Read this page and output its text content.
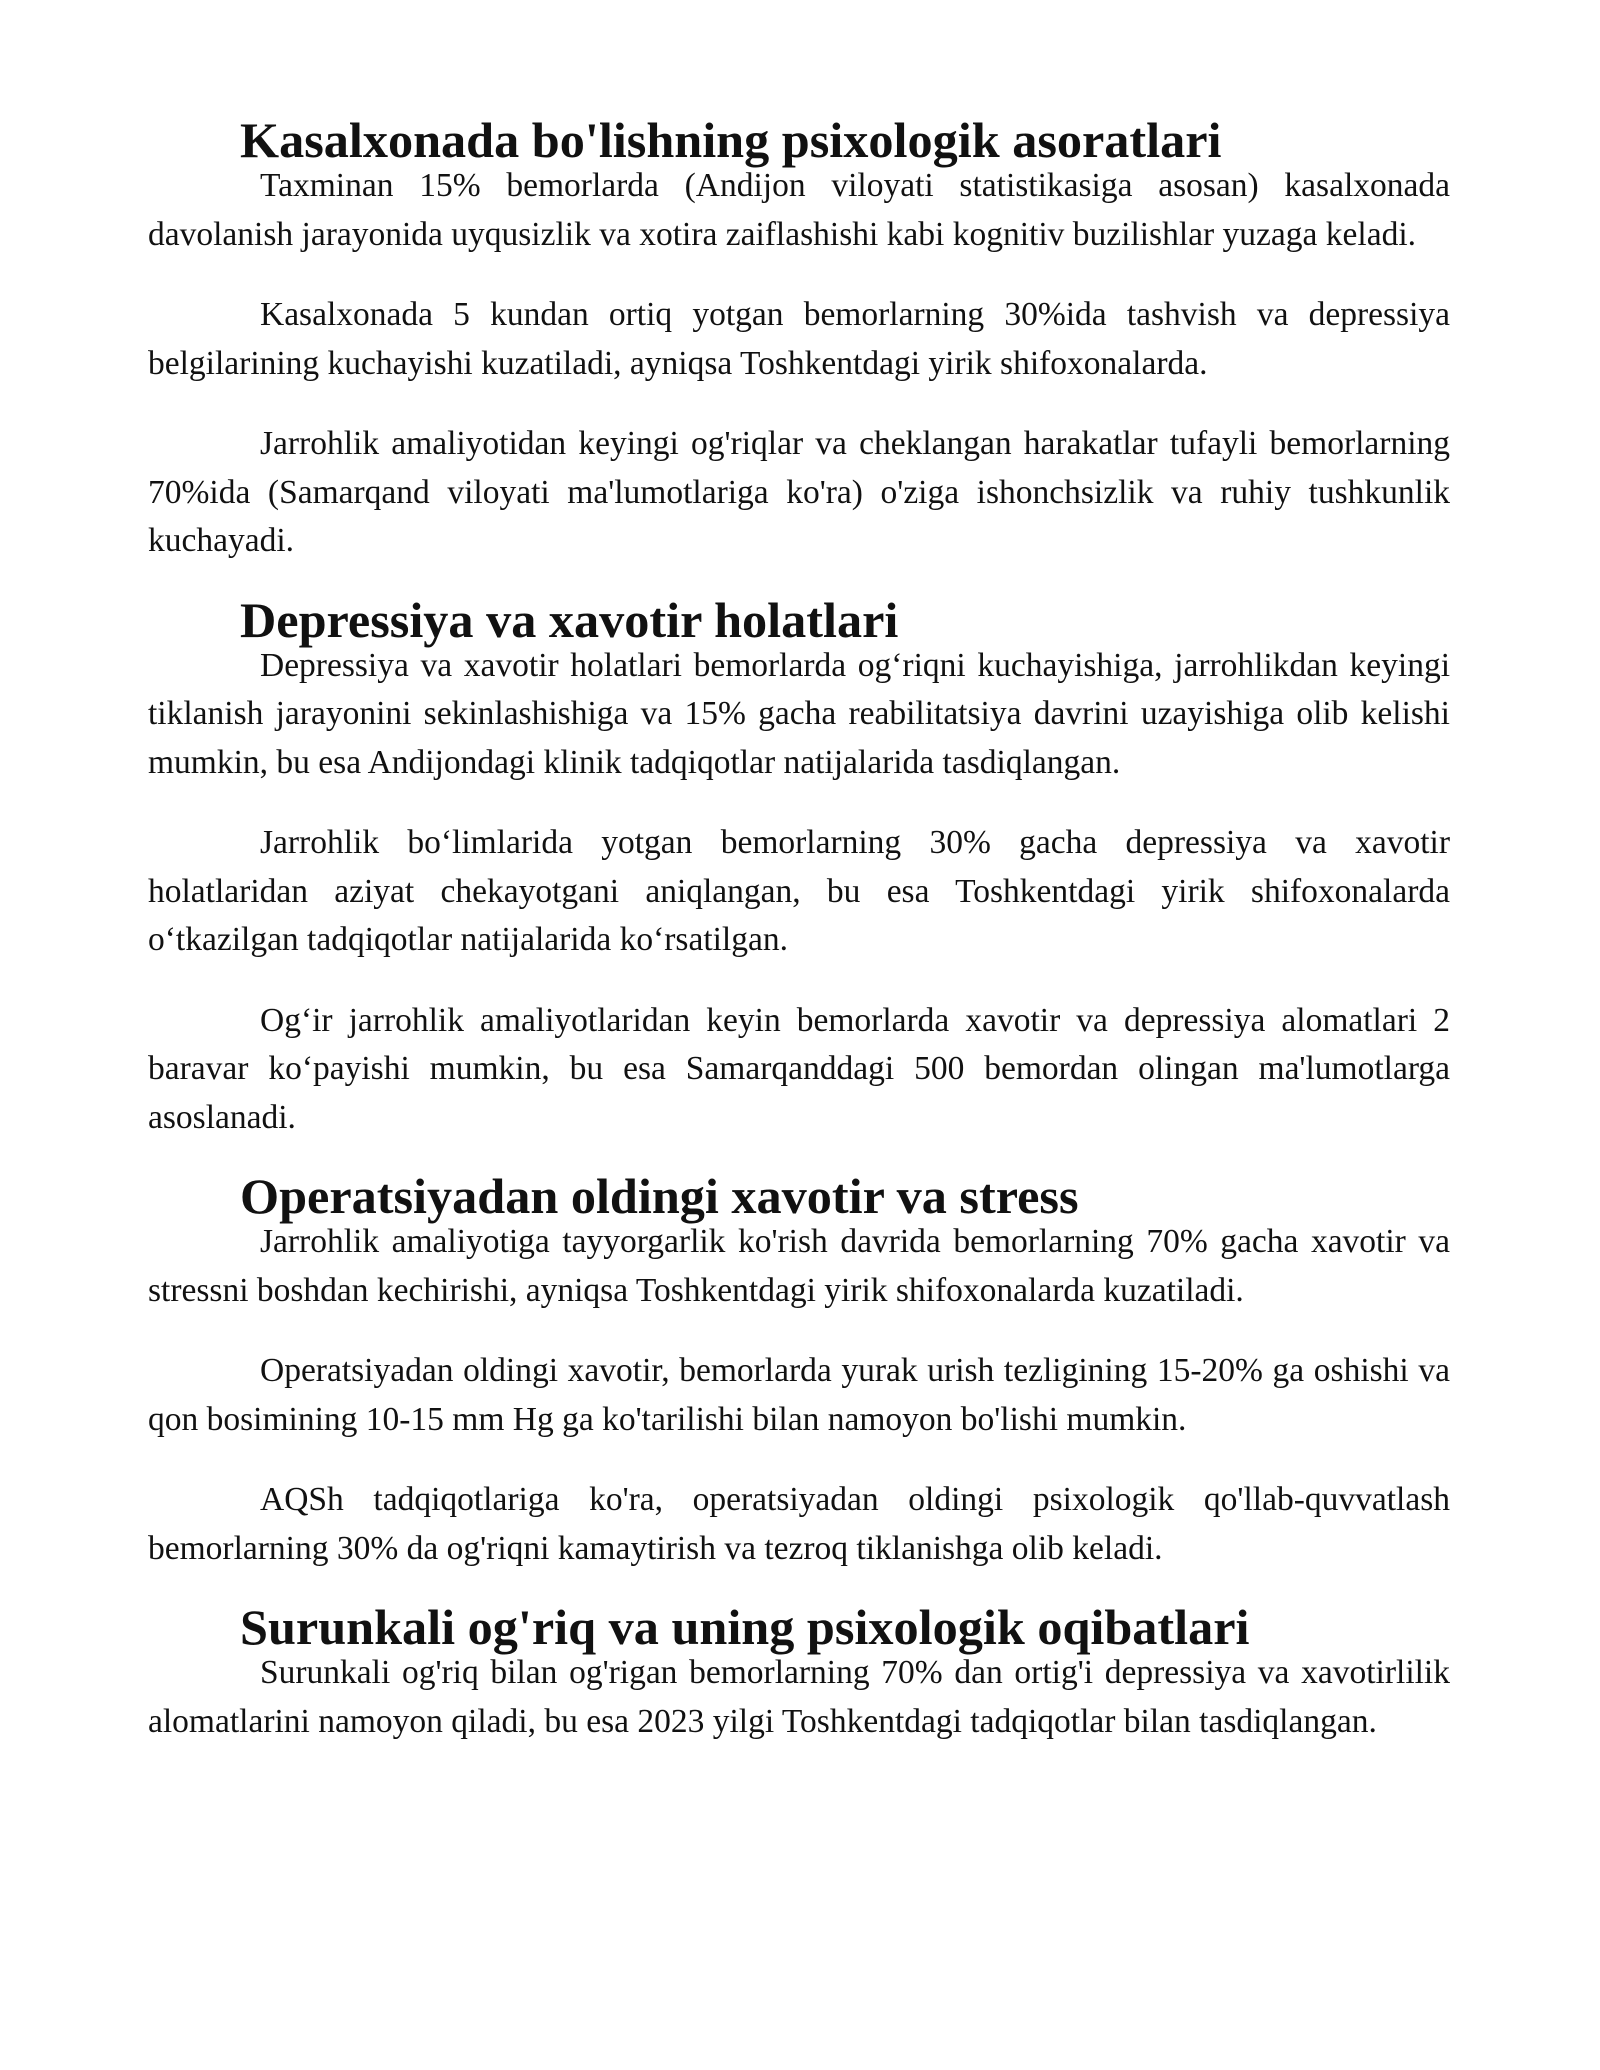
Kasalxonada bo'lishning psixologik asoratlari

Taxminan 15% bemorlarda (Andijon viloyati statistikasiga asosan) kasalxonada davolanish jarayonida uyqusizlik va xotira zaiflashishi kabi kognitiv buzilishlar yuzaga keladi.

Kasalxonada 5 kundan ortiq yotgan bemorlarning 30%ida tashvish va depressiya belgilarining kuchayishi kuzatiladi, ayniqsa Toshkentdagi yirik shifoxonalarda.

Jarrohlik amaliyotidan keyingi og'riqlar va cheklangan harakatlar tufayli bemorlarning 70%ida (Samarqand viloyati ma'lumotlariga ko'ra) o'ziga ishonchsizlik va ruhiy tushkunlik kuchayadi.

Depressiya va xavotir holatlari

Depressiya va xavotir holatlari bemorlarda og‘riqni kuchayishiga, jarrohlikdan keyingi tiklanish jarayonini sekinlashishiga va 15% gacha reabilitatsiya davrini uzayishiga olib kelishi mumkin, bu esa Andijondagi klinik tadqiqotlar natijalarida tasdiqlangan.

Jarrohlik bo‘limlarida yotgan bemorlarning 30% gacha depressiya va xavotir holatlaridan aziyat chekayotgani aniqlangan, bu esa Toshkentdagi yirik shifoxonalarda o‘tkazilgan tadqiqotlar natijalarida ko‘rsatilgan.

Og‘ir jarrohlik amaliyotlaridan keyin bemorlarda xavotir va depressiya alomatlari 2 baravar ko‘payishi mumkin, bu esa Samarqanddagi 500 bemordan olingan ma'lumotlarga asoslanadi.

Operatsiyadan oldingi xavotir va stress

Jarrohlik amaliyotiga tayyorgarlik ko'rish davrida bemorlarning 70% gacha xavotir va stressni boshdan kechirishi, ayniqsa Toshkentdagi yirik shifoxonalarda kuzatiladi.

Operatsiyadan oldingi xavotir, bemorlarda yurak urish tezligining 15-20% ga oshishi va qon bosimining 10-15 mm Hg ga ko'tarilishi bilan namoyon bo'lishi mumkin.

AQSh tadqiqotlariga ko'ra, operatsiyadan oldingi psixologik qo'llab-quvvatlash bemorlarning 30% da og'riqni kamaytirish va tezroq tiklanishga olib keladi.

Surunkali og'riq va uning psixologik oqibatlari

Surunkali og'riq bilan og'rigan bemorlarning 70% dan ortig'i depressiya va xavotirlilik alomatlarini namoyon qiladi, bu esa 2023 yilgi Toshkentdagi tadqiqotlar bilan tasdiqlangan.
